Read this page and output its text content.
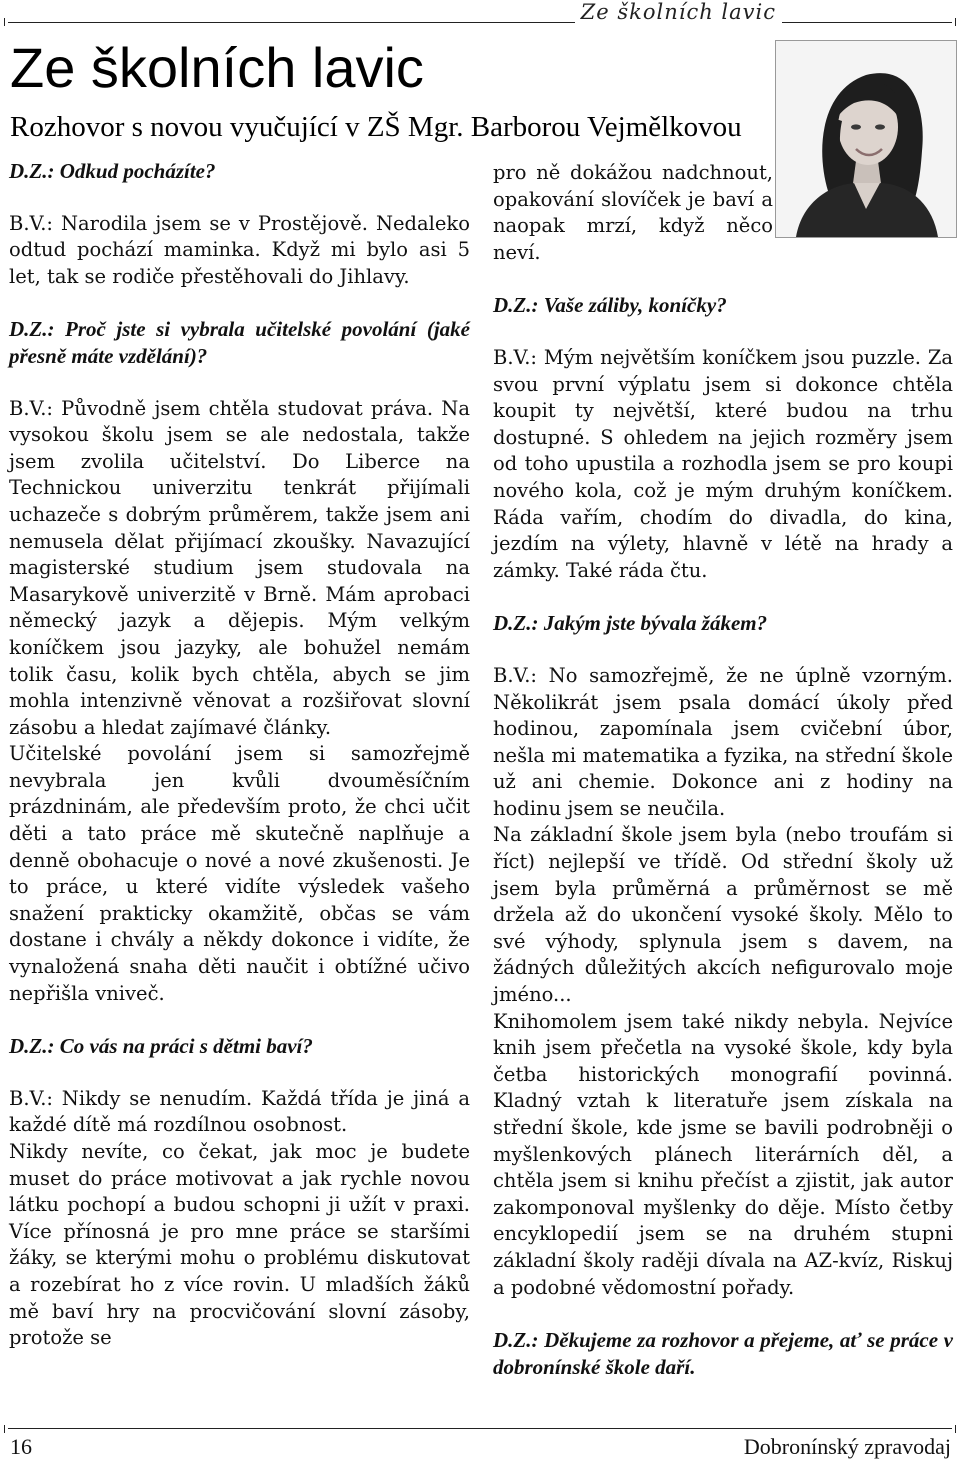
Ze školních lavic
Ze školních lavic
Rozhovor s novou vyučující v ZŠ Mgr. Barborou Vejmělkovou

D.Z.: Odkud pocházíte?

B.V.: Narodila jsem se v Prostějově. Nedaleko odtud pochází maminka. Když mi bylo asi 5 let, tak se rodiče přestěhovali do Jihlavy.

D.Z.: Proč jste si vybrala učitelské povolání (jaké přesně máte vzdělání)?

B.V.: Původně jsem chtěla studovat práva. Na vysokou školu jsem se ale nedostala, takže jsem zvolila učitelství. Do Liberce na Technickou univerzitu tenkrát přijímali uchazeče s dobrým průměrem, takže jsem ani nemusela dělat přijímací zkoušky. Navazující magisterské studium jsem studovala na Masarykově univerzitě v Brně. Mám aprobaci německý jazyk a dějepis. Mým velkým koníčkem jsou jazyky, ale bohužel nemám tolik času, kolik bych chtěla, abych se jim mohla intenzivně věnovat a rozšiřovat slovní zásobu a hledat zajímavé články.

Učitelské povolání jsem si samozřejmě nevybrala jen kvůli dvouměsíčním prázdninám, ale především proto, že chci učit děti a tato práce mě skutečně naplňuje a denně obohacuje o nové a nové zkušenosti. Je to práce, u které vidíte výsledek vašeho snažení prakticky okamžitě, občas se vám dostane i chvály a někdy dokonce i vidíte, že vynaložená snaha děti naučit i obtížné učivo nepřišla vniveč.

D.Z.: Co vás na práci s dětmi baví?

B.V.: Nikdy se nenudím. Každá třída je jiná a každé dítě má rozdílnou osobnost.

Nikdy nevíte, co čekat, jak moc je budete muset do práce motivovat a jak rychle novou látku pochopí a budou schopni ji užít v praxi. Více přínosná je pro mne práce se staršími žáky, se kterými mohu o problému diskutovat a rozebírat ho z více rovin. U mladších žáků mě baví hry na procvičování slovní zásoby, protože se

pro ně dokážou nadchnout, opakování slovíček je baví a naopak mrzí, když něco neví.

D.Z.: Vaše záliby, koníčky?

B.V.: Mým největším koníčkem jsou puzzle. Za svou první výplatu jsem si dokonce chtěla koupit ty největší, které budou na trhu dostupné. S ohledem na jejich rozměry jsem od toho upustila a rozhodla jsem se pro koupi nového kola, což je mým druhým koníčkem. Ráda vařím, chodím do divadla, do kina, jezdím na výlety, hlavně v létě na hrady a zámky. Také ráda čtu.

D.Z.: Jakým jste bývala žákem?

B.V.: No samozřejmě, že ne úplně vzorným. Několikrát jsem psala domácí úkoly před hodinou, zapomínala jsem cvičební úbor, nešla mi matematika a fyzika, na střední škole už ani chemie. Dokonce ani z hodiny na hodinu jsem se neučila.

Na základní škole jsem byla (nebo troufám si říct) nejlepší ve třídě. Od střední školy už jsem byla průměrná a průměrnost se mě držela až do ukončení vysoké školy. Mělo to své výhody, splynula jsem s davem, na žádných důležitých akcích nefigurovalo moje jméno...

Knihomolem jsem také nikdy nebyla. Nejvíce knih jsem přečetla na vysoké škole, kdy byla četba historických monografií povinná. Kladný vztah k literatuře jsem získala na střední škole, kde jsme se bavili podrobněji o myšlenkových plánech literárních děl, a chtěla jsem si knihu přečíst a zjistit, jak autor zakomponoval myšlenky do děje. Místo četby encyklopedií jsem se na druhém stupni základní školy raději dívala na AZ-kvíz, Riskuj a podobné vědomostní pořady.

D.Z.: Děkujeme za rozhovor a přejeme, ať se práce v dobronínské škole daří.

16	Dobronínský zpravodaj
